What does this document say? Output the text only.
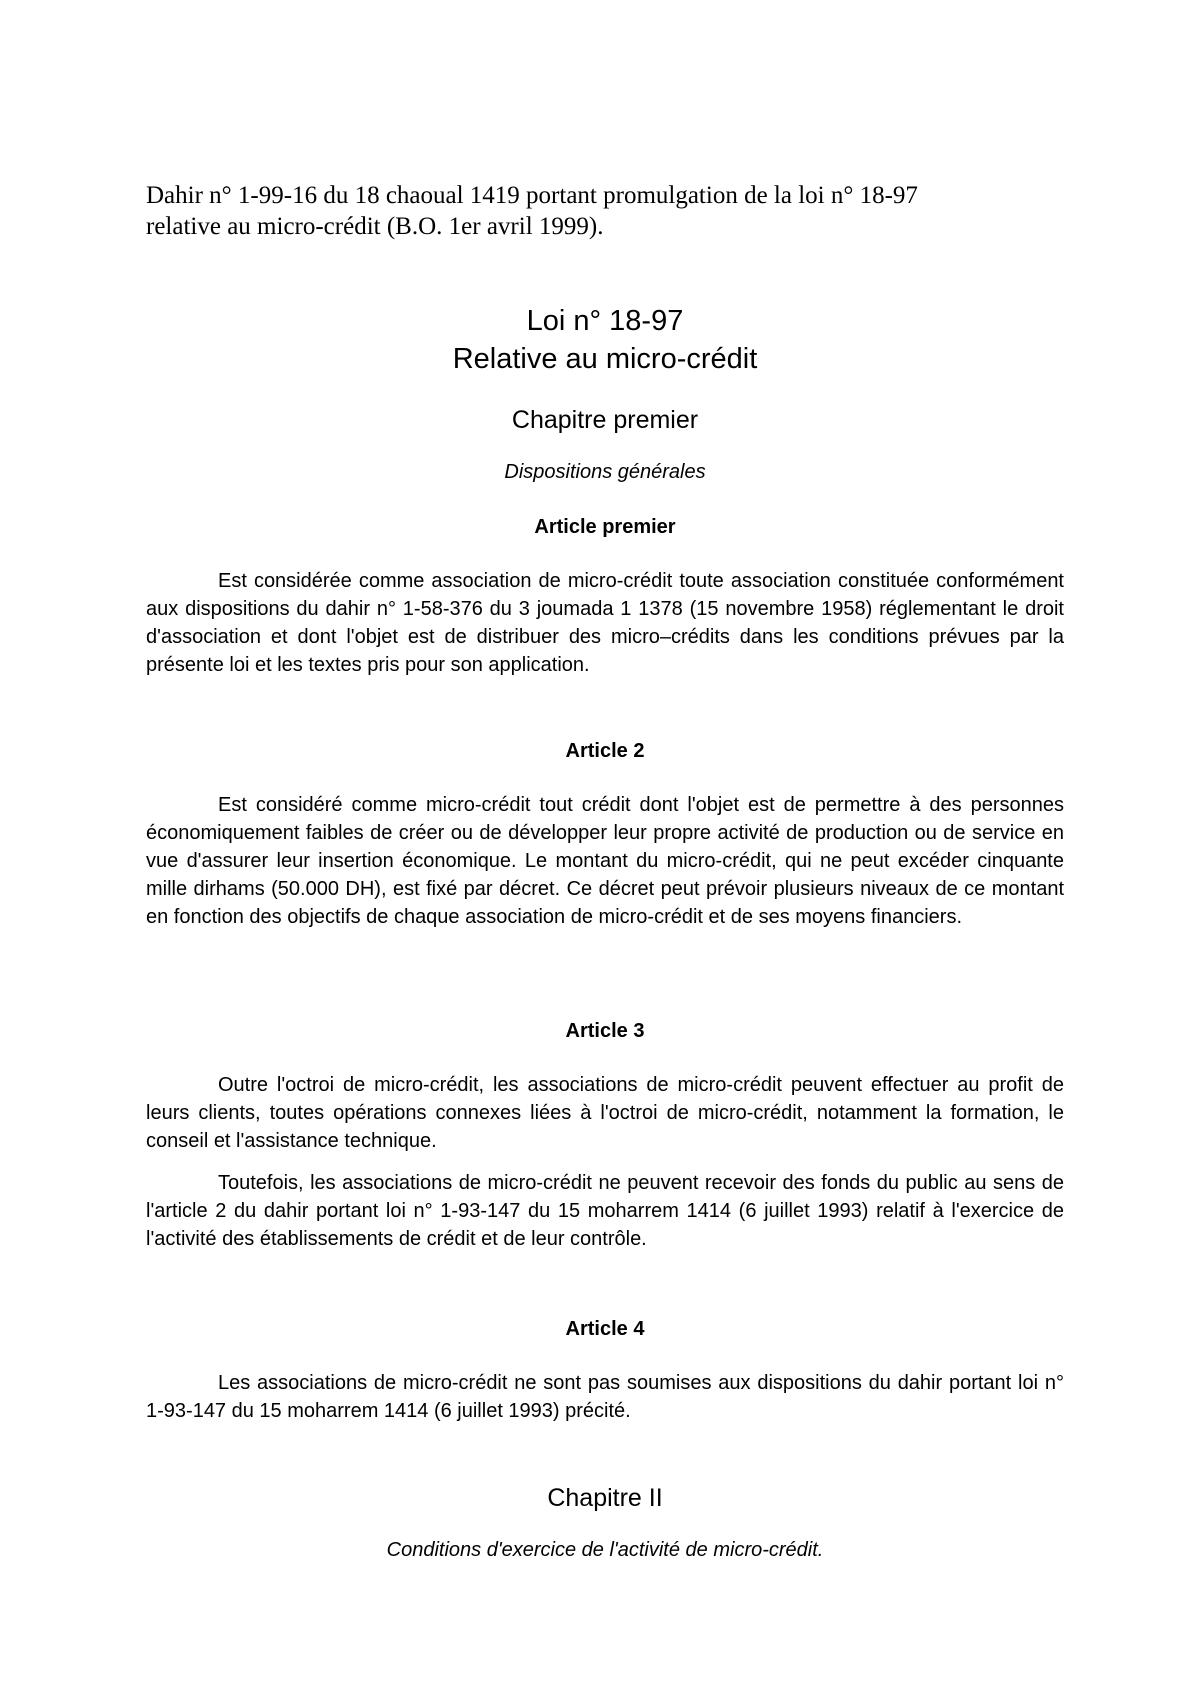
Dahir n° 1-99-16 du 18 chaoual 1419 portant promulgation de la loi n° 18-97
relative au micro-crédit (B.O. 1er avril 1999).

Loi n° 18-97
Relative au micro-crédit
Chapitre premier
Dispositions générales
Article premier

Est considérée comme association de micro-crédit toute association constituée conformément aux dispositions du dahir n° 1-58-376 du 3 joumada 1 1378 (15 novembre 1958) réglementant le droit d'association et dont l'objet est de distribuer des micro–crédits dans les conditions prévues par la présente loi et les textes pris pour son application.

Article 2

Est considéré comme micro-crédit tout crédit dont l'objet est de permettre à des personnes économiquement faibles de créer ou de développer leur propre activité de production ou de service en vue d'assurer leur insertion économique. Le montant du micro-crédit, qui ne peut excéder cinquante mille dirhams (50.000 DH), est fixé par décret. Ce décret peut prévoir plusieurs niveaux de ce montant en fonction des objectifs de chaque association de micro-crédit et de ses moyens financiers.

Article 3

Outre l'octroi de micro-crédit, les associations de micro-crédit peuvent effectuer au profit de leurs clients, toutes opérations connexes liées à l'octroi de micro-crédit, notamment la formation, le conseil et l'assistance technique.

Toutefois, les associations de micro-crédit ne peuvent recevoir des fonds du public au sens de l'article 2 du dahir portant loi n° 1-93-147 du 15 moharrem 1414 (6 juillet 1993) relatif à l'exercice de l'activité des établissements de crédit et de leur contrôle.

Article 4

Les associations de micro-crédit ne sont pas soumises aux dispositions du dahir portant loi n° 1-93-147 du 15 moharrem 1414 (6 juillet 1993) précité.

Chapitre II
Conditions d'exercice de l'activité de micro-crédit.
